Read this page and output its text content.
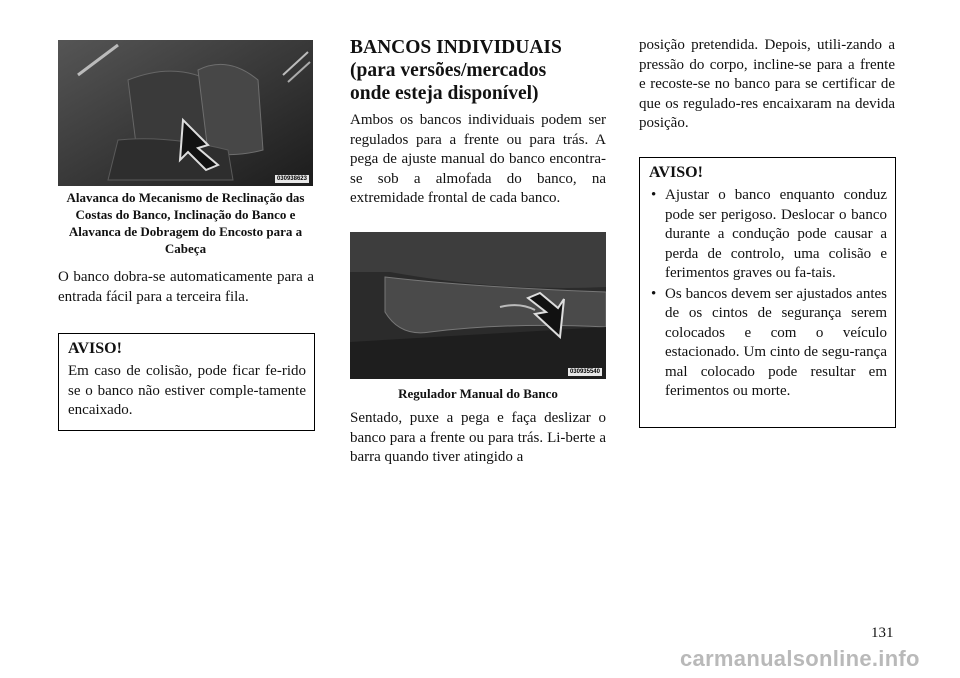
030938623
Alavanca do Mecanismo de Reclinação das Costas do Banco, Inclinação do Banco e Alavanca de Dobragem do Encosto para a Cabeça

O banco dobra-se automaticamente para a entrada fácil para a terceira fila.

AVISO!

Em caso de colisão, pode ficar fe-rido se o banco não estiver comple-tamente encaixado.

BANCOS INDIVIDUAIS (para versões/mercados onde esteja disponível)

Ambos os bancos individuais podem ser regulados para a frente ou para trás. A pega de ajuste manual do banco encontra-se sob a almofada do banco, na extremidade frontal de cada banco.

030935540
Regulador Manual do Banco

Sentado, puxe a pega e faça deslizar o banco para a frente ou para trás. Li-berte a barra quando tiver atingido a

posição pretendida. Depois, utili-zando a pressão do corpo, incline-se para a frente e recoste-se no banco para se certificar de que os regulado-res encaixaram na devida posição.

AVISO!

• Ajustar o banco enquanto conduz pode ser perigoso. Deslocar o banco durante a condução pode causar a perda de controlo, uma colisão e ferimentos graves ou fa-tais.
• Os bancos devem ser ajustados antes de os cintos de segurança serem colocados e com o veículo estacionado. Um cinto de segu-rança mal colocado pode resultar em ferimentos ou morte.
131
carmanualsonline.info
